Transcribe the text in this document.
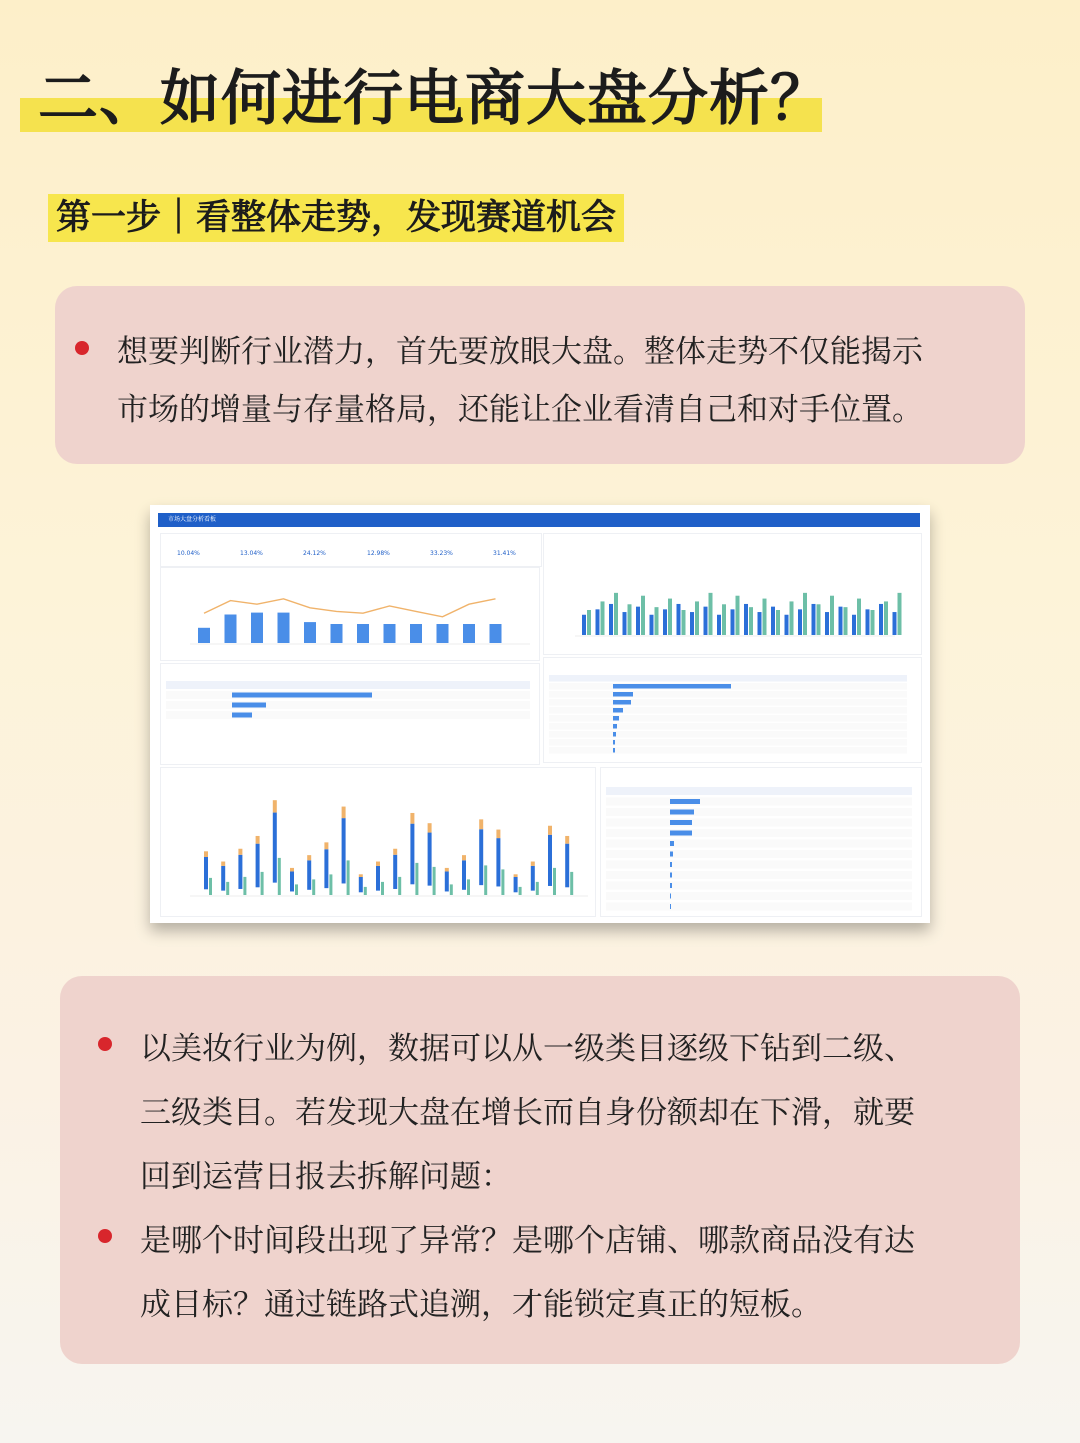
二、如何进行电商大盘分析？
第一步｜看整体走势，发现赛道机会
想要判断行业潜力，首先要放眼大盘。整体走势不仅能揭示
市场的增量与存量格局，还能让企业看清自己和对手位置。
市场大盘分析看板
10.04%	13.04%	24.12%	12.98%	33.23%	31.41%
以美妆行业为例，数据可以从一级类目逐级下钻到二级、
三级类目。若发现大盘在增长而自身份额却在下滑，就要
回到运营日报去拆解问题：
是哪个时间段出现了异常？是哪个店铺、哪款商品没有达
成目标？通过链路式追溯，才能锁定真正的短板。
